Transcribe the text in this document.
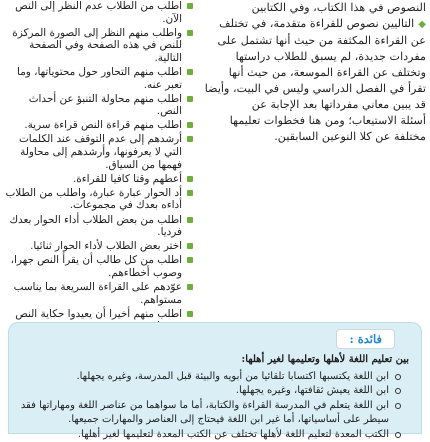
النصوص في هذا الكتاب، وفي الكتابين

◆التاليين نصوص للقراءة متقدمة، في تختلف

عن القراءة المكثفة من حيث أنها تشتمل على

مفردات جديدة، لم يسبق للطلاب دراستها

وتختلف عن القراءة الموسعة، من حيث أنها

تقرأ في الفصل الدراسي وليس في البيت، وأيضا

قد يبين معاني مفرداتها بعد الإجابة عن

أسئلة الاستيعاب؛ ومن هنا فخطوات تعليمها

مختلفة عن كلا النوعين السابقين.

اطلب من الطلاب عدم النظر إلى النص الآن.
واطلب منهم النظر إلى الصورة المركزة للنص في هذه الصفحة وفي الصفحة التالية.
اطلب منهم التحاور حول محتوياتها، وما تعبر عنه.
اطلب منهم محاولة التنبؤ عن أحداث النص.
اطلب منهم قراءة النص قراءة سرية.
أرشدهم إلى عدم التوقف عند الكلمات التي لا يعرفونها، وأرشدهم إلى محاولة فهمها من السياق.
أعطهم وقتا كافيا للقراءة.
أد الحوار عبارة عبارة، واطلب من الطلاب أداءه بعدك في مجموعات.
اطلب من بعض الطلاب أداء الحوار بعدك فرديا.
اختر بعض الطلاب لأداء الحوار ثنائيا.
اطلب من كل طالب أن يقرأ النص جهرا، وصوب أخطاءهم.
عوّدهم على القراءة السريعة بما يناسب مستواهم.
اطلب منهم أخيرا أن يعيدوا حكاية النص
فائدة :

بين تعليم اللغة لأهلها وتعليمها لغير أهلها:

ابن اللغة يكتسبها اكتسابا تلقائيا من أبويه والبيئة قبل المدرسة، وغيره يجهلها.
ابن اللغة يعيش ثقافتها، وغيره يجهلها.
ابن اللغة يتعلم في المدرسة القراءة والكتابة، أما ما سواهما من عناصر اللغة ومهاراتها فقد سيطر على أساسياتها، أما غير ابن اللغة فيحتاج إلى العناصر والمهارات جميعها.
الكتب المعدة لتعليم اللغة لأهلها تختلف عن الكتب المعدة لتعليمها لغير أهلها.
